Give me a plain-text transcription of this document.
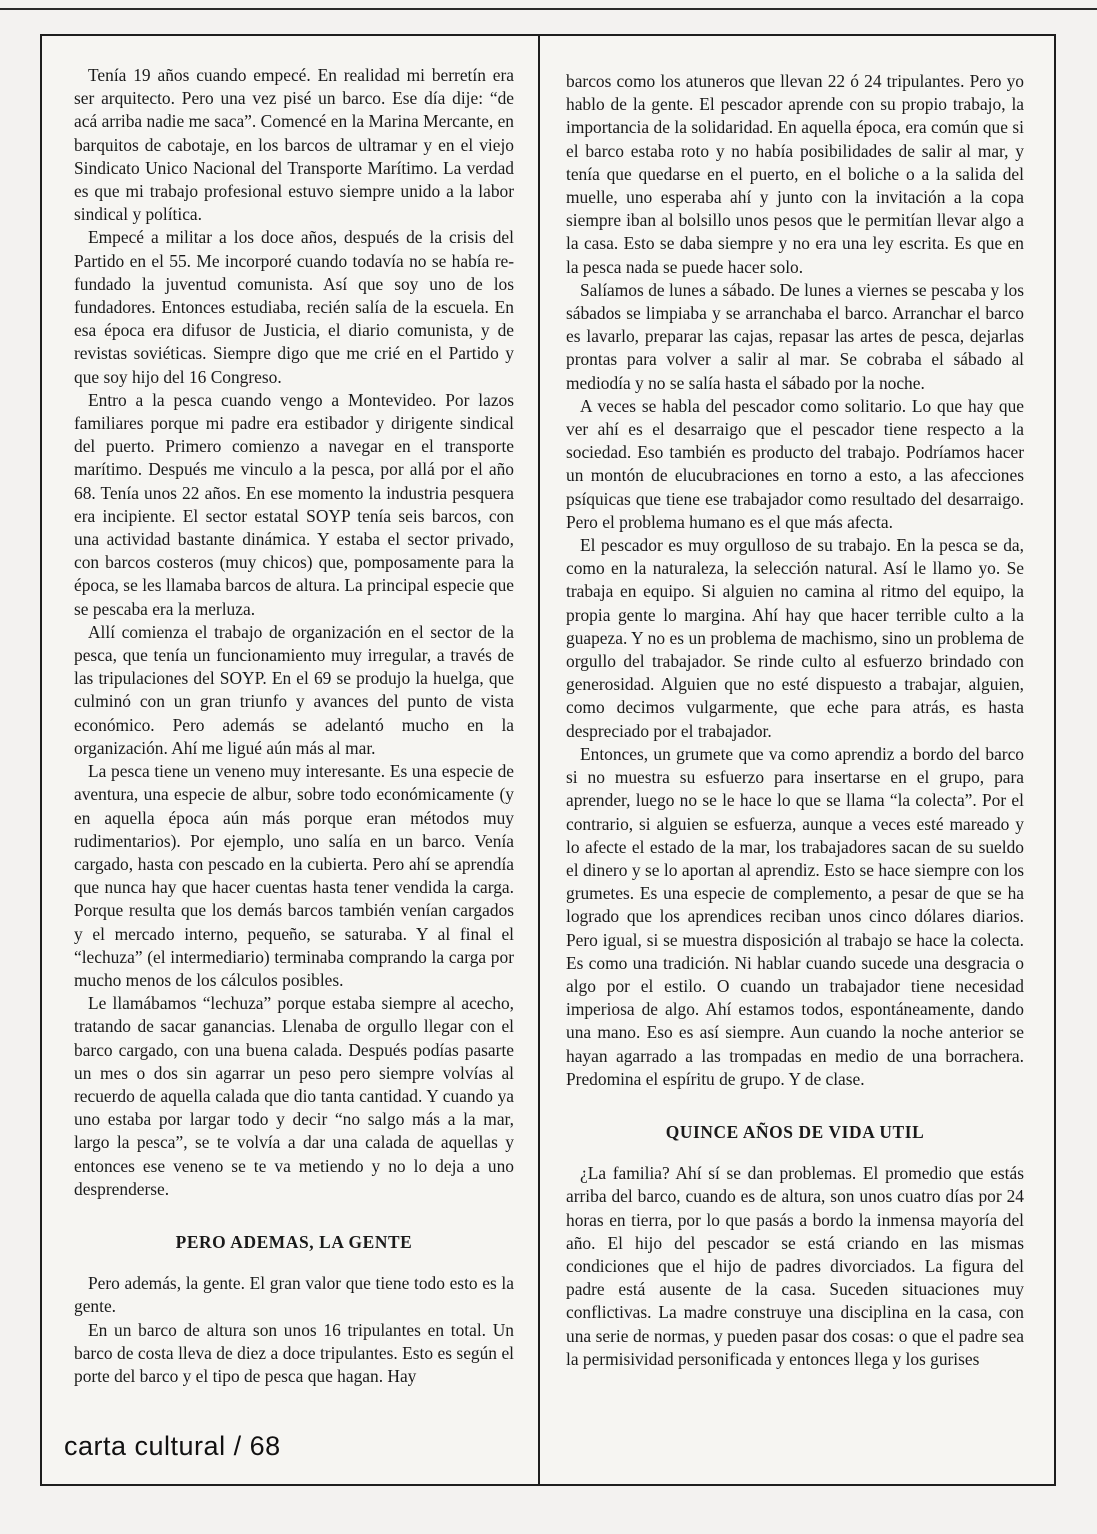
Tenía 19 años cuando empecé. En realidad mi berretín era ser arquitecto. Pero una vez pisé un barco. Ese día dije: “de acá arriba nadie me saca”. Comencé en la Marina Mercante, en barquitos de cabotaje, en los barcos de ultramar y en el viejo Sindicato Unico Nacional del Transporte Marítimo. La verdad es que mi trabajo profesional estuvo siempre unido a la labor sindical y política.

Empecé a militar a los doce años, después de la crisis del Partido en el 55. Me incorporé cuando todavía no se había re-fundado la juventud comunista. Así que soy uno de los fundadores. Entonces estudiaba, recién salía de la escuela. En esa época era difusor de Justicia, el diario comunista, y de revistas soviéticas. Siempre digo que me crié en el Partido y que soy hijo del 16 Congreso.

Entro a la pesca cuando vengo a Montevideo. Por lazos familiares porque mi padre era estibador y dirigente sindical del puerto. Primero comienzo a navegar en el transporte marítimo. Después me vinculo a la pesca, por allá por el año 68. Tenía unos 22 años. En ese momento la industria pesquera era incipiente. El sector estatal SOYP tenía seis barcos, con una actividad bastante dinámica. Y estaba el sector privado, con barcos costeros (muy chicos) que, pomposamente para la época, se les llamaba barcos de altura. La principal especie que se pescaba era la merluza.

Allí comienza el trabajo de organización en el sector de la pesca, que tenía un funcionamiento muy irregular, a través de las tripulaciones del SOYP. En el 69 se produjo la huelga, que culminó con un gran triunfo y avances del punto de vista económico. Pero además se adelantó mucho en la organización. Ahí me ligué aún más al mar.

La pesca tiene un veneno muy interesante. Es una especie de aventura, una especie de albur, sobre todo económicamente (y en aquella época aún más porque eran métodos muy rudimentarios). Por ejemplo, uno salía en un barco. Venía cargado, hasta con pescado en la cubierta. Pero ahí se aprendía que nunca hay que hacer cuentas hasta tener vendida la carga. Porque resulta que los demás barcos también venían cargados y el mercado interno, pequeño, se saturaba. Y al final el “lechuza” (el intermediario) terminaba comprando la carga por mucho menos de los cálculos posibles.

Le llamábamos “lechuza” porque estaba siempre al acecho, tratando de sacar ganancias. Llenaba de orgullo llegar con el barco cargado, con una buena calada. Después podías pasarte un mes o dos sin agarrar un peso pero siempre volvías al recuerdo de aquella calada que dio tanta cantidad. Y cuando ya uno estaba por largar todo y decir “no salgo más a la mar, largo la pesca”, se te volvía a dar una calada de aquellas y entonces ese veneno se te va metiendo y no lo deja a uno desprenderse.

PERO ADEMAS, LA GENTE

Pero además, la gente. El gran valor que tiene todo esto es la gente.

En un barco de altura son unos 16 tripulantes en total. Un barco de costa lleva de diez a doce tripulantes. Esto es según el porte del barco y el tipo de pesca que hagan. Hay

barcos como los atuneros que llevan 22 ó 24 tripulantes. Pero yo hablo de la gente. El pescador aprende con su propio trabajo, la importancia de la solidaridad. En aquella época, era común que si el barco estaba roto y no había posibilidades de salir al mar, y tenía que quedarse en el puerto, en el boliche o a la salida del muelle, uno esperaba ahí y junto con la invitación a la copa siempre iban al bolsillo unos pesos que le permitían llevar algo a la casa. Esto se daba siempre y no era una ley escrita. Es que en la pesca nada se puede hacer solo.

Salíamos de lunes a sábado. De lunes a viernes se pescaba y los sábados se limpiaba y se arranchaba el barco. Arranchar el barco es lavarlo, preparar las cajas, repasar las artes de pesca, dejarlas prontas para volver a salir al mar. Se cobraba el sábado al mediodía y no se salía hasta el sábado por la noche.

A veces se habla del pescador como solitario. Lo que hay que ver ahí es el desarraigo que el pescador tiene respecto a la sociedad. Eso también es producto del trabajo. Podríamos hacer un montón de elucubraciones en torno a esto, a las afecciones psíquicas que tiene ese trabajador como resultado del desarraigo. Pero el problema humano es el que más afecta.

El pescador es muy orgulloso de su trabajo. En la pesca se da, como en la naturaleza, la selección natural. Así le llamo yo. Se trabaja en equipo. Si alguien no camina al ritmo del equipo, la propia gente lo margina. Ahí hay que hacer terrible culto a la guapeza. Y no es un problema de machismo, sino un problema de orgullo del trabajador. Se rinde culto al esfuerzo brindado con generosidad. Alguien que no esté dispuesto a trabajar, alguien, como decimos vulgarmente, que eche para atrás, es hasta despreciado por el trabajador.

Entonces, un grumete que va como aprendiz a bordo del barco si no muestra su esfuerzo para insertarse en el grupo, para aprender, luego no se le hace lo que se llama “la colecta”. Por el contrario, si alguien se esfuerza, aunque a veces esté mareado y lo afecte el estado de la mar, los trabajadores sacan de su sueldo el dinero y se lo aportan al aprendiz. Esto se hace siempre con los grumetes. Es una especie de complemento, a pesar de que se ha logrado que los aprendices reciban unos cinco dólares diarios. Pero igual, si se muestra disposición al trabajo se hace la colecta. Es como una tradición. Ni hablar cuando sucede una desgracia o algo por el estilo. O cuando un trabajador tiene necesidad imperiosa de algo. Ahí estamos todos, espontáneamente, dando una mano. Eso es así siempre. Aun cuando la noche anterior se hayan agarrado a las trompadas en medio de una borrachera. Predomina el espíritu de grupo. Y de clase.

QUINCE AÑOS DE VIDA UTIL

¿La familia? Ahí sí se dan problemas. El promedio que estás arriba del barco, cuando es de altura, son unos cuatro días por 24 horas en tierra, por lo que pasás a bordo la inmensa mayoría del año. El hijo del pescador se está criando en las mismas condiciones que el hijo de padres divorciados. La figura del padre está ausente de la casa. Suceden situaciones muy conflictivas. La madre construye una disciplina en la casa, con una serie de normas, y pueden pasar dos cosas: o que el padre sea la permisividad personificada y entonces llega y los gurises

carta cultural / 68
